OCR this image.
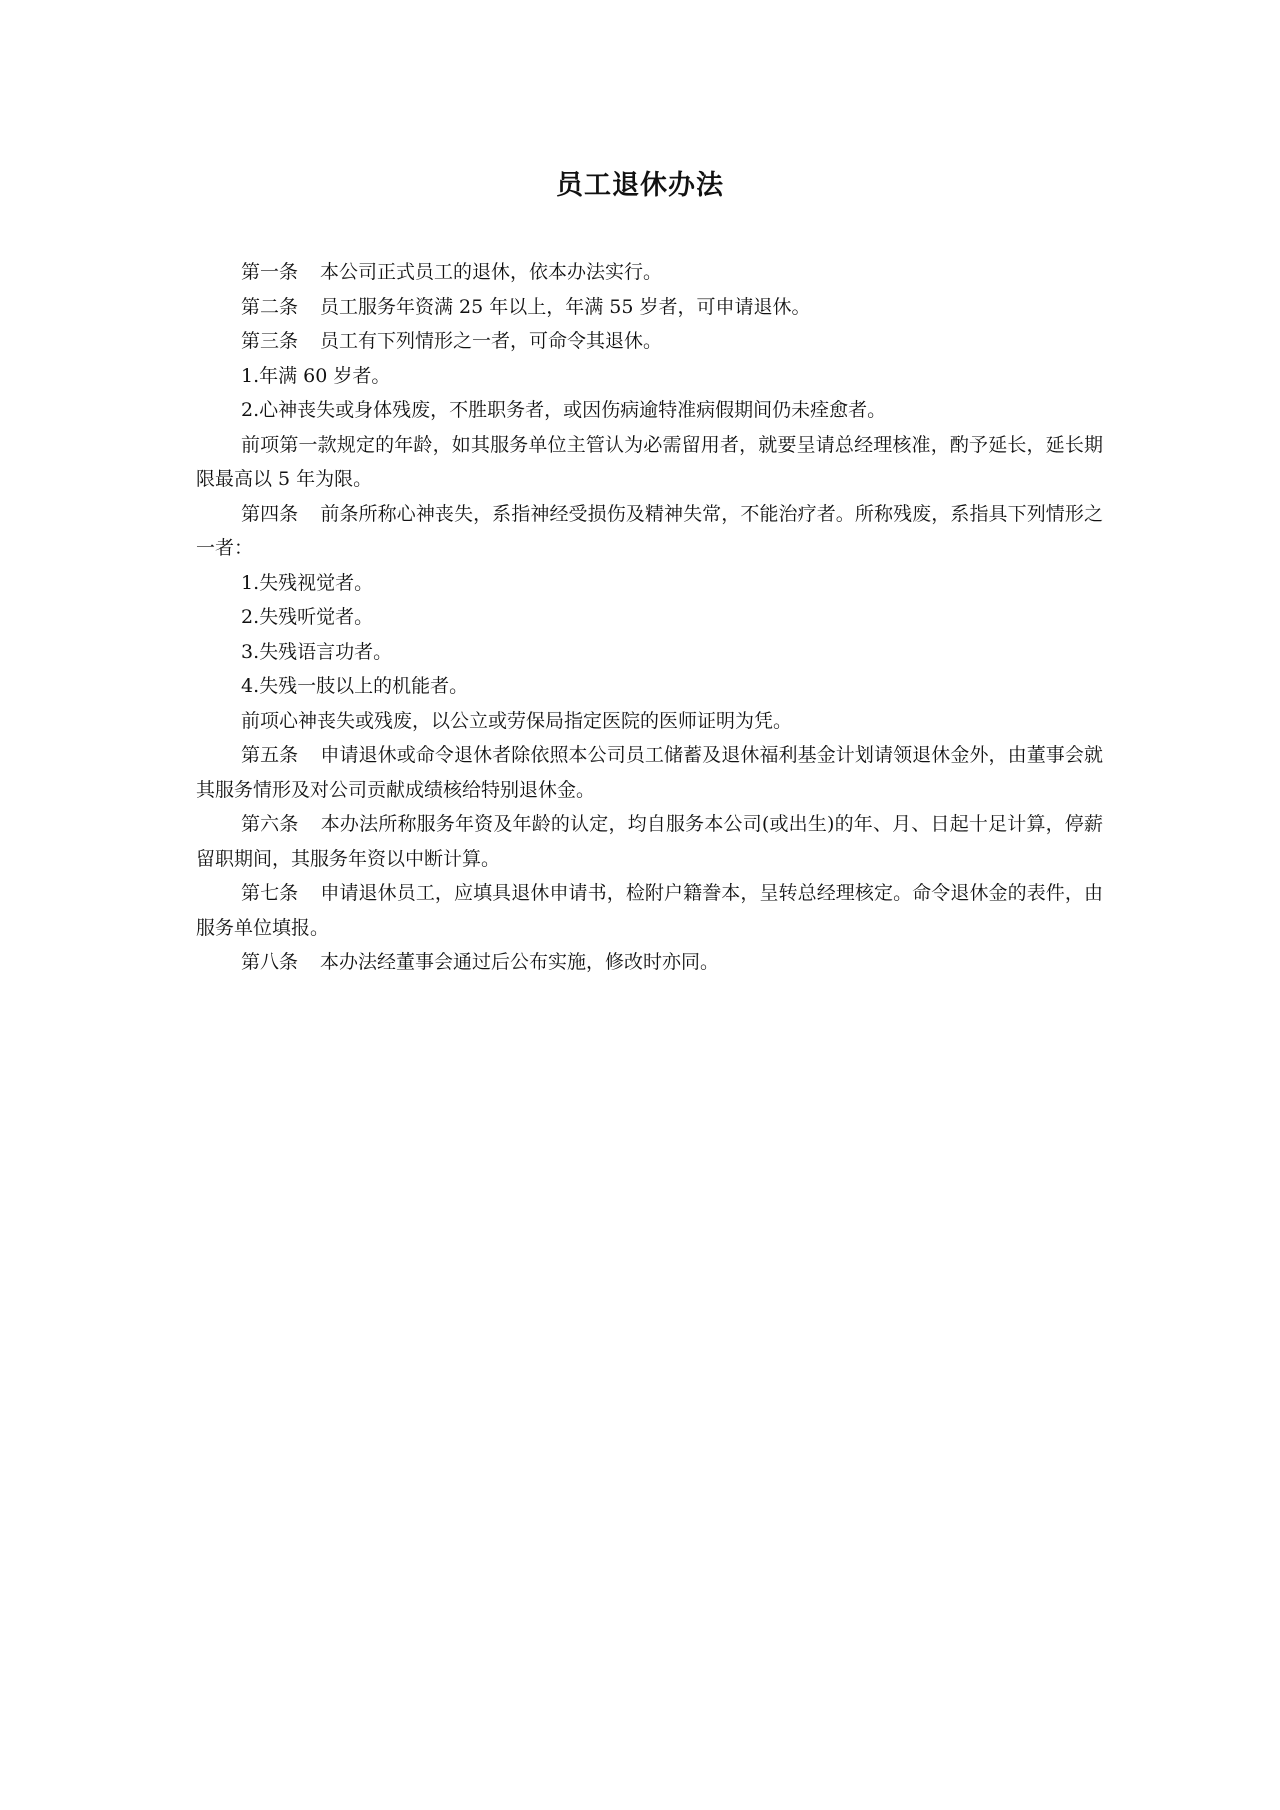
员工退休办法

第一条 本公司正式员工的退休，依本办法实行。

第二条 员工服务年资满 25 年以上，年满 55 岁者，可申请退休。

第三条 员工有下列情形之一者，可命令其退休。

1.年满 60 岁者。

2.心神丧失或身体残废，不胜职务者，或因伤病逾特准病假期间仍未痊愈者。

前项第一款规定的年龄，如其服务单位主管认为必需留用者，就要呈请总经理核准，酌予延长，延长期限最高以 5 年为限。

第四条 前条所称心神丧失，系指神经受损伤及精神失常，不能治疗者。所称残废，系指具下列情形之一者：

1.失残视觉者。

2.失残听觉者。

3.失残语言功者。

4.失残一肢以上的机能者。

前项心神丧失或残废，以公立或劳保局指定医院的医师证明为凭。

第五条 申请退休或命令退休者除依照本公司员工储蓄及退休福利基金计划请领退休金外，由董事会就其服务情形及对公司贡献成绩核给特别退休金。

第六条 本办法所称服务年资及年龄的认定，均自服务本公司(或出生)的年、月、日起十足计算，停薪留职期间，其服务年资以中断计算。

第七条 申请退休员工，应填具退休申请书，检附户籍誊本，呈转总经理核定。命令退休金的表件，由服务单位填报。

第八条 本办法经董事会通过后公布实施，修改时亦同。
